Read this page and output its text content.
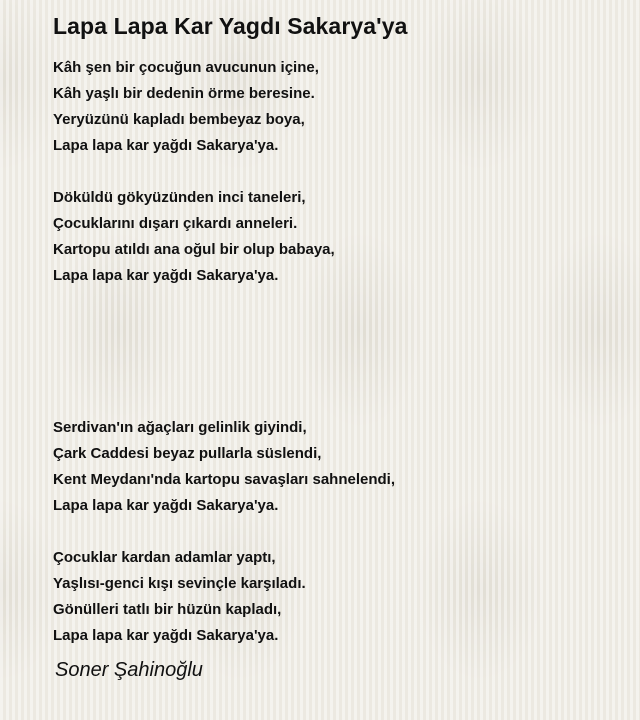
Lapa Lapa Kar Yagdı Sakarya'ya
Kâh şen bir çocuğun avucunun içine,
Kâh yaşlı bir dedenin örme beresine.
Yeryüzünü kapladı bembeyaz boya,
Lapa lapa kar yağdı Sakarya'ya.
Döküldü gökyüzünden inci taneleri,
Çocuklarını dışarı çıkardı anneleri.
Kartopu atıldı ana oğul bir olup babaya,
Lapa lapa kar yağdı Sakarya'ya.
Serdivan'ın ağaçları gelinlik giyindi,
Çark Caddesi beyaz pullarla süslendi,
Kent Meydanı'nda kartopu savaşları sahnelendi,
Lapa lapa kar yağdı Sakarya'ya.
Çocuklar kardan adamlar yaptı,
Yaşlısı-genci kışı sevinçle karşıladı.
Gönülleri tatlı bir hüzün kapladı,
Lapa lapa kar yağdı Sakarya'ya.

Soner Şahinoğlu
